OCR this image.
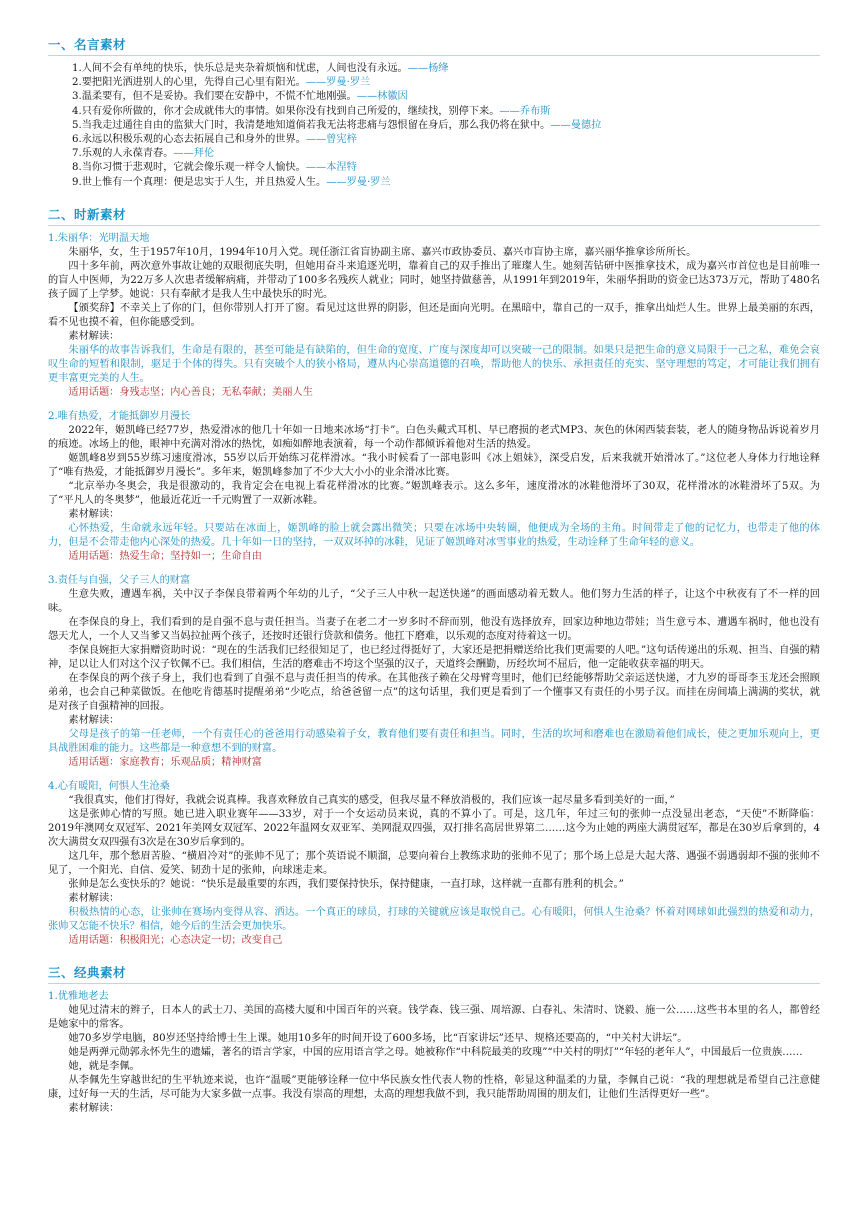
一、名言素材
1.人间不会有单纯的快乐，快乐总是夹杂着烦恼和忧虑，人间也没有永远。——杨绛
2.要把阳光洒进别人的心里，先得自己心里有阳光。——罗曼·罗兰
3.温柔要有，但不是妥协。我们要在安静中，不慌不忙地刚强。——林徽因
4.只有爱你所做的，你才会成就伟大的事情。如果你没有找到自己所爱的，继续找，别停下来。——乔布斯
5.当我走过通往自由的监狱大门时，我清楚地知道倘若我无法将悲痛与怨恨留在身后，那么我仍将在狱中。——曼德拉
6.永远以积极乐观的心态去拓展自己和身外的世界。——曾宪梓
7.乐观的人永葆青春。——拜伦
8.当你习惯于悲观时，它就会像乐观一样令人愉快。——本涅特
9.世上惟有一个真理：便是忠实于人生，并且热爱人生。——罗曼·罗兰
二、时新素材

1.朱丽华：光明温天地

朱丽华，女，生于1957年10月，1994年10月入党。现任浙江省盲协副主席、嘉兴市政协委员、嘉兴市盲协主席，嘉兴丽华推拿诊所所长。

四十多年前，两次意外事故让她的双眼彻底失明，但她用奋斗来追逐光明，靠着自己的双手推出了璀璨人生。她刻苦钻研中医推拿技术，成为嘉兴市首位也是目前唯一的盲人中医师，为22万多人次患者缓解病痛，并带动了100多名残疾人就业；同时，她坚持做慈善，从1991年到2019年，朱丽华捐助的资金已达373万元，帮助了480名孩子圆了上学梦。她说：只有奉献才是我人生中最快乐的时光。

【颁奖辞】不幸关上了你的门，但你带别人打开了窗。看见过这世界的阴影，但还是面向光明。在黑暗中，靠自己的一双手，推拿出灿烂人生。世界上最美丽的东西，看不见也摸不着，但你能感受到。

素材解读：

朱丽华的故事告诉我们，生命是有限的，甚至可能是有缺陷的，但生命的宽度、广度与深度却可以突破一己的限制。如果只是把生命的意义局限于一己之私，难免会哀叹生命的短暂和限制，驱足于个体的得失。只有突破个人的狭小格局，遵从内心崇高道德的召唤，帮助他人的快乐、承担责任的充实、坚守理想的笃定，才可能让我们拥有更丰富更完美的人生。

适用话题：身残志坚；内心善良；无私奉献；美丽人生

2.唯有热爱，才能抵御岁月漫长

2022年，姬凯峰已经77岁，热爱滑冰的他几十年如一日地来冰场“打卡”。白色头戴式耳机、早已磨损的老式MP3、灰色的休闲西装套装，老人的随身物品诉说着岁月的痕迹。冰场上的他，眼神中充满对滑冰的热忱，如痴如醉地表演着，每一个动作都倾诉着他对生活的热爱。

姬凯峰8岁到55岁练习速度滑冰，55岁以后开始练习花样滑冰。“我小时候看了一部电影叫《冰上姐妹》，深受启发，后来我就开始滑冰了。”这位老人身体力行地诠释了“唯有热爱，才能抵御岁月漫长”。多年来，姬凯峰参加了不少大大小小的业余滑冰比赛。

“北京举办冬奥会，我是很激动的，我肯定会在电视上看花样滑冰的比赛。”姬凯峰表示。这么多年，速度滑冰的冰鞋他滑坏了30双，花样滑冰的冰鞋滑坏了5双。为了“平凡人的冬奥梦”，他最近花近一千元购置了一双新冰鞋。

素材解读：

心怀热爱，生命就永远年轻。只要站在冰面上，姬凯峰的脸上就会露出微笑；只要在冰场中央转圈，他便成为全场的主角。时间带走了他的记忆力，也带走了他的体力，但是不会带走他内心深处的热爱。几十年如一日的坚持，一双双坏掉的冰鞋，见证了姬凯峰对冰雪事业的热爱，生动诠释了生命年轻的意义。

适用话题：热爱生命；坚持如一；生命自由

3.责任与自强，父子三人的财富

生意失败，遭遇车祸，关中汉子李保良带着两个年幼的儿子，“父子三人中秋一起送快递”的画面感动着无数人。他们努力生活的样子，让这个中秋夜有了不一样的回味。

在李保良的身上，我们看到的是自强不息与责任担当。当妻子在老二才一岁多时不辞而别，他没有选择放弃，回家边种地边带娃；当生意亏本、遭遇车祸时，他也没有怨天尤人，一个人又当爹又当妈拉扯两个孩子，还按时还银行贷款和债务。他扛下磨难，以乐观的态度对待着这一切。

李保良婉拒大家捐赠资助时说：“现在的生活我们已经很知足了，也已经过得挺好了，大家还是把捐赠送给比我们更需要的人吧。”这句话传递出的乐观、担当、自强的精神，足以让人们对这个汉子钦佩不已。我们相信，生活的磨难击不垮这个坚强的汉子，天道终会酬勤，历经坎坷不屈后，他一定能收获幸福的明天。

在李保良的两个孩子身上，我们也看到了自强不息与责任担当的传承。在其他孩子赖在父母臂弯里时，他们已经能够帮助父亲运送快递，才九岁的哥哥李玉龙还会照顾弟弟，也会自己种菜做饭。在他吃肯德基时提醒弟弟“少吃点，给爸爸留一点”的这句话里，我们更是看到了一个懂事又有责任的小男子汉。而挂在房间墙上满满的奖状，就是对孩子自强精神的回报。

素材解读：

父母是孩子的第一任老师，一个有责任心的爸爸用行动感染着子女，教育他们要有责任和担当。同时，生活的坎坷和磨难也在激励着他们成长，使之更加乐观向上，更具战胜困难的能力。这些都是一种意想不到的财富。

适用话题：家庭教育；乐观品质；精神财富

4.心有暖阳，何惧人生沧桑

“我很真实，他们打得好，我就会说真棒。我喜欢释放自己真实的感受，但我尽量不释放消极的，我们应该一起尽量多看到美好的一面，”

这是张帅心情的写照。她已进入职业赛年——33岁，对于一个女运动员来说，真的不算小了。可是，这几年，年过三旬的张帅一点没显出老态，“天使”不断降临：2019年澳网女双冠军、2021年美网女双冠军、2022年温网女双亚军、美网混双四强，双打排名高居世界第二……这今为止她的两座大满贯冠军，都是在30岁后拿到的，4次大满贯女双四强有3次是在30岁后拿到的。

这几年，那个愁眉苦脸、“横眉冷对”的张帅不见了；那个英语说不顺溜，总要向着台上教练求助的张帅不见了；那个场上总是大起大落、遇强不弱遇弱却不强的张帅不见了，一个阳光、自信、爱笑、韧劲十足的张帅，向球迷走来。

张帅是怎么变快乐的？她说：“快乐是最重要的东西，我们要保持快乐，保持健康，一直打球，这样就一直都有胜利的机会。”

素材解读：

积极热情的心态，让张帅在赛场内变得从容、洒达。一个真正的球员，打球的关键就应该是取悦自己。心有暖阳，何惧人生沧桑？怀着对网球如此强烈的热爱和动力，张帅又怎能不快乐？相信，她今后的生活会更加快乐。

适用话题：积极阳光；心态决定一切；改变自己

三、经典素材

1.优雅地老去

她见过清末的辫子，日本人的武士刀、美国的高楼大厦和中国百年的兴衰。钱学森、钱三强、周培源、白春礼、朱清时、饶毅、施一公……这些书本里的名人，都曾经是她家中的常客。

她70多岁学电脑，80岁还坚持给博士生上课。她用10多年的时间开设了600多场，比“百家讲坛”还早、规格还要高的，“中关村大讲坛”。

她是两弹元勋郭永怀先生的遗孀，著名的语言学家，中国的应用语言学之母。她被称作“中科院最美的玫瑰”“中关村的明灯”“年轻的老年人”，中国最后一位贵族……

她，就是李佩。

从李佩先生穿越世纪的生平轨迹来说，也许“温暖”更能够诠释一位中华民族女性代表人物的性格，彰显这种温柔的力量，李佩自己说：“我的理想就是希望自己注意健康，过好每一天的生活，尽可能为大家多做一点事。我没有崇高的理想，太高的理想我做不到，我只能帮助周围的朋友们，让他们生活得更好一些”。

素材解读：
